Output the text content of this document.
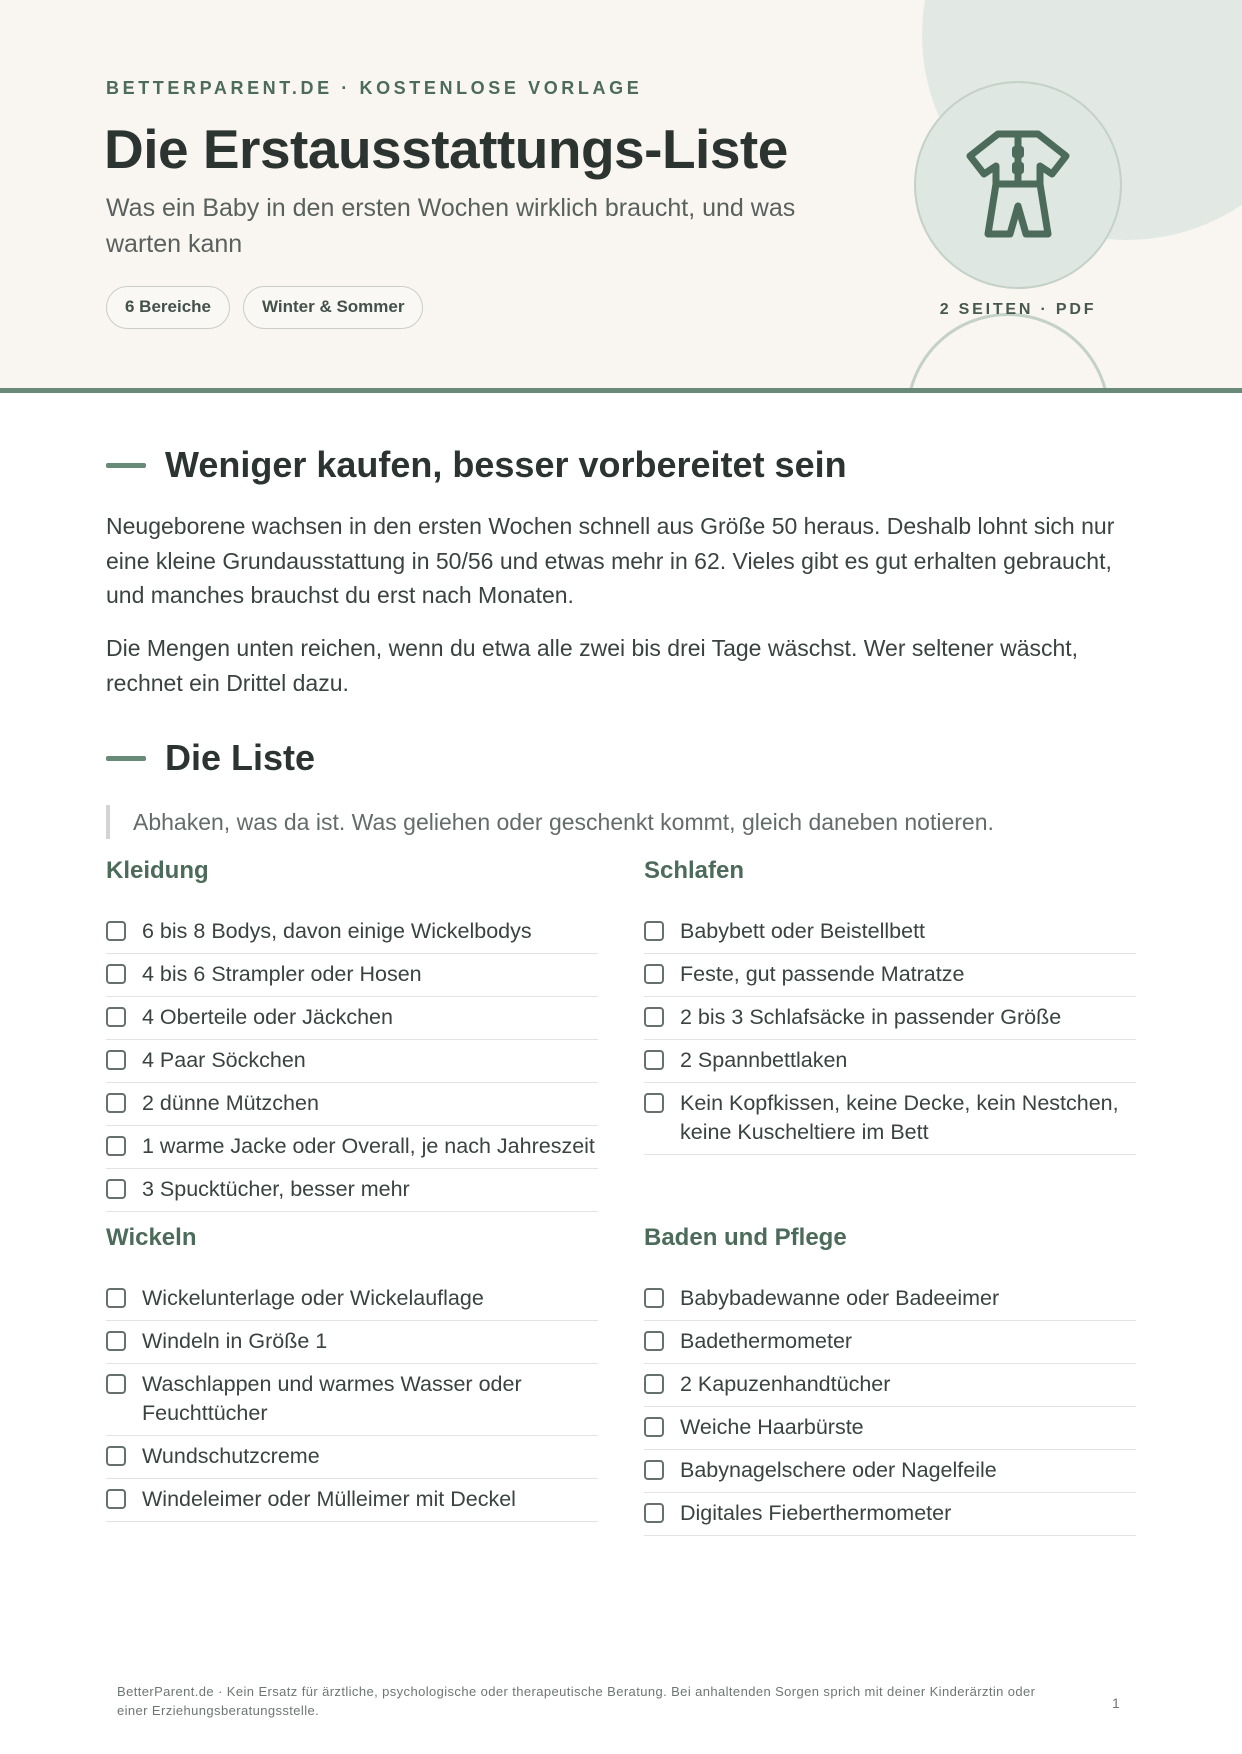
BETTERPARENT.DE · KOSTENLOSE VORLAGE
Die Erstausstattungs-Liste

Was ein Baby in den ersten Wochen wirklich braucht, und was warten kann

6 Bereiche	Winter & Sommer	2 SEITEN · PDF
Weniger kaufen, besser vorbereitet sein

Neugeborene wachsen in den ersten Wochen schnell aus Größe 50 heraus. Deshalb lohnt sich nur eine kleine Grundausstattung in 50/56 und etwas mehr in 62. Vieles gibt es gut erhalten gebraucht, und manches brauchst du erst nach Monaten.

Die Mengen unten reichen, wenn du etwa alle zwei bis drei Tage wäschst. Wer seltener wäscht, rechnet ein Drittel dazu.

Die Liste
Abhaken, was da ist. Was geliehen oder geschenkt kommt, gleich daneben notieren.
Kleidung
6 bis 8 Bodys, davon einige Wickelbodys
4 bis 6 Strampler oder Hosen
4 Oberteile oder Jäckchen
4 Paar Söckchen
2 dünne Mützchen
1 warme Jacke oder Overall, je nach Jahreszeit
3 Spucktücher, besser mehr
Schlafen
Babybett oder Beistellbett
Feste, gut passende Matratze
2 bis 3 Schlafsäcke in passender Größe
2 Spannbettlaken
Kein Kopfkissen, keine Decke, kein Nestchen, keine Kuscheltiere im Bett
Wickeln
Wickelunterlage oder Wickelauflage
Windeln in Größe 1
Waschlappen und warmes Wasser oder Feuchttücher
Wundschutzcreme
Windeleimer oder Mülleimer mit Deckel
Baden und Pflege
Babybadewanne oder Badeeimer
Badethermometer
2 Kapuzenhandtücher
Weiche Haarbürste
Babynagelschere oder Nagelfeile
Digitales Fieberthermometer

BetterParent.de · Kein Ersatz für ärztliche, psychologische oder therapeutische Beratung. Bei anhaltenden Sorgen sprich mit deiner Kinderärztin oder einer Erziehungsberatungsstelle.	1
